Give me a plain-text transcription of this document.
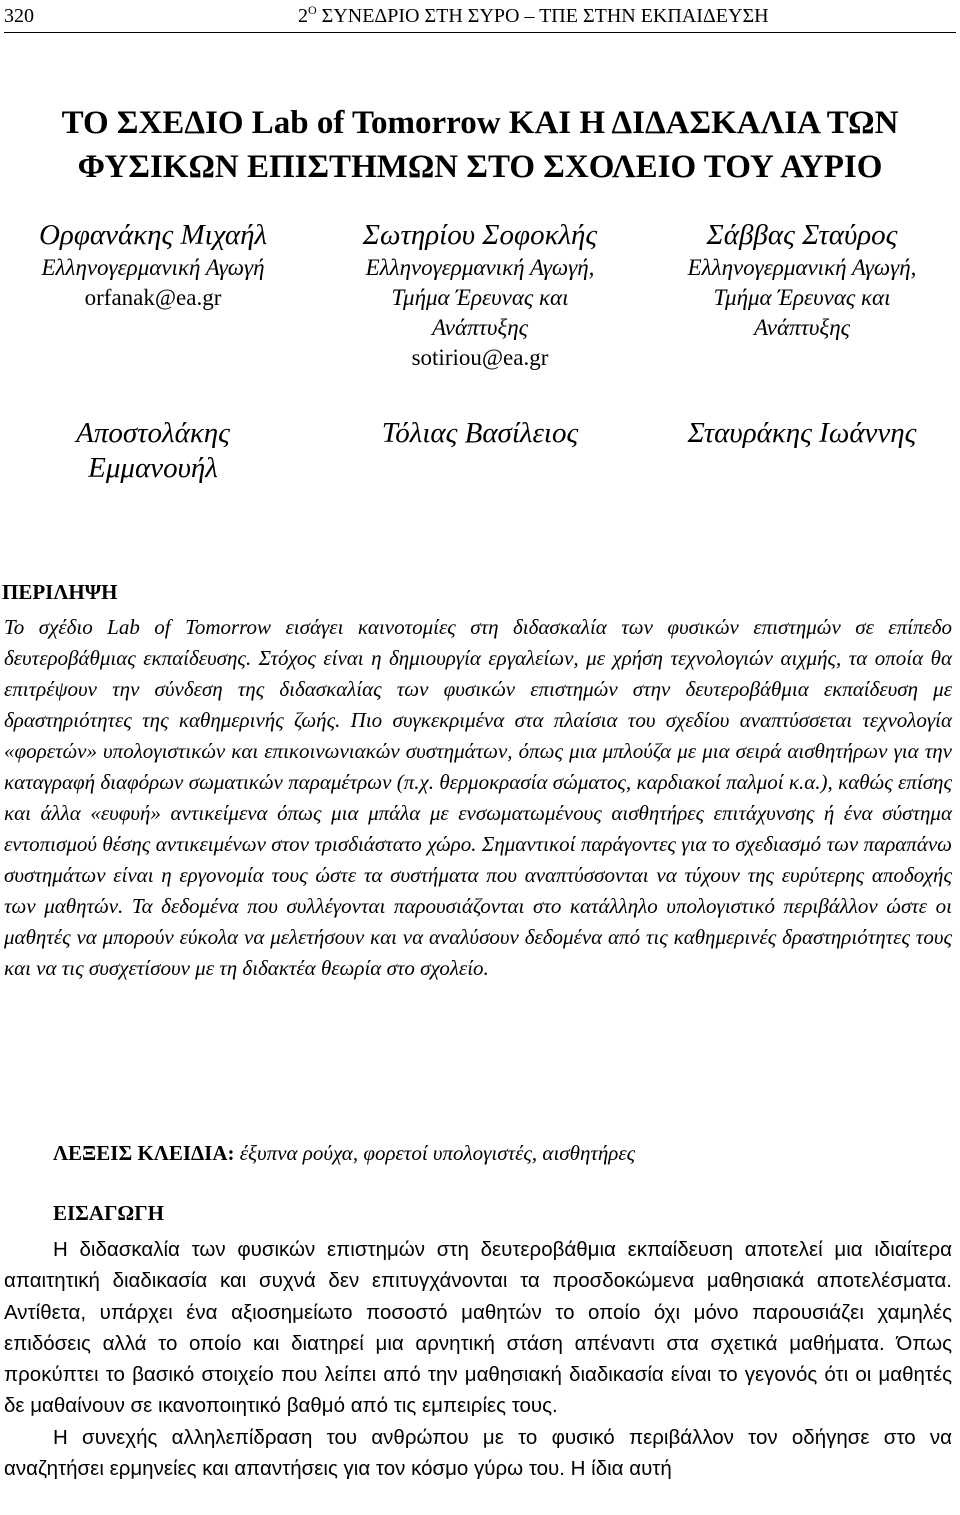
320	$2^O$ ΣΥΝΕΔΡΙΟ ΣΤΗ ΣΥΡΟ – ΤΠΕ ΣΤΗΝ ΕΚΠΑΙΔΕΥΣΗ
ΤΟ ΣΧΕΔΙΟ Lab of Tomorrow ΚΑΙ Η ΔΙΔΑΣΚΑΛΙΑ ΤΩΝ
ΦΥΣΙΚΩΝ ΕΠΙΣΤΗΜΩΝ ΣΤΟ ΣΧΟΛΕΙΟ ΤΟΥ ΑΥΡΙΟ
Ορφανάκης Μιχαήλ
Ελληνογερμανική Αγωγή
orfanak@ea.gr
Σωτηρίου Σοφοκλής
Ελληνογερμανική Αγωγή,
Τμήμα Έρευνας και
Ανάπτυξης
sotiriou@ea.gr
Σάββας Σταύρος
Ελληνογερμανική Αγωγή,
Τμήμα Έρευνας και
Ανάπτυξης
Αποστολάκης
Εμμανουήλ
Τόλιας Βασίλειος	Σταυράκης Ιωάννης
ΠΕΡΙΛΗΨΗ
Το σχέδιο Lab of Tomorrow εισάγει καινοτομίες στη διδασκαλία των φυσικών επιστημών σε επίπεδο δευτεροβάθμιας εκπαίδευσης. Στόχος είναι η δημιουργία εργαλείων, με χρήση τεχνολογιών αιχμής, τα οποία θα επιτρέψουν την σύνδεση της διδασκαλίας των φυσικών επιστημών στην δευτεροβάθμια εκπαίδευση με δραστηριότητες της καθημερινής ζωής. Πιο συγκεκριμένα στα πλαίσια του σχεδίου αναπτύσσεται τεχνολογία «φορετών» υπολογιστικών και επικοινωνιακών συστημάτων, όπως μια μπλούζα με μια σειρά αισθητήρων για την καταγραφή διαφόρων σωματικών παραμέτρων (π.χ. θερμοκρασία σώματος, καρδιακοί παλμοί κ.α.), καθώς επίσης και άλλα «ευφυή» αντικείμενα όπως μια μπάλα με ενσωματωμένους αισθητήρες επιτάχυνσης ή ένα σύστημα εντοπισμού θέσης αντικειμένων στον τρισδιάστατο χώρο. Σημαντικοί παράγοντες για το σχεδιασμό των παραπάνω συστημάτων είναι η εργονομία τους ώστε τα συστήματα που αναπτύσσονται να τύχουν της ευρύτερης αποδοχής των μαθητών. Τα δεδομένα που συλλέγονται παρουσιάζονται στο κατάλληλο υπολογιστικό περιβάλλον ώστε οι μαθητές να μπορούν εύκολα να μελετήσουν και να αναλύσουν δεδομένα από τις καθημερινές δραστηριότητες τους και να τις συσχετίσουν με τη διδακτέα θεωρία στο σχολείο.
ΛΕΞΕΙΣ ΚΛΕΙΔΙΑ: έξυπνα ρούχα, φορετοί υπολογιστές, αισθητήρες
ΕΙΣΑΓΩΓΗ

Η διδασκαλία των φυσικών επιστημών στη δευτεροβάθμια εκπαίδευση αποτελεί μια ιδιαίτερα απαιτητική διαδικασία και συχνά δεν επιτυγχάνονται τα προσδοκώμενα μαθησιακά αποτελέσματα. Αντίθετα, υπάρχει ένα αξιοσημείωτο ποσοστό μαθητών το οποίο όχι μόνο παρουσιάζει χαμηλές επιδόσεις αλλά το οποίο και διατηρεί μια αρνητική στάση απέναντι στα σχετικά μαθήματα. Όπως προκύπτει το βασικό στοιχείο που λείπει από την μαθησιακή διαδικασία είναι το γεγονός ότι οι μαθητές δε μαθαίνουν σε ικανοποιητικό βαθμό από τις εμπειρίες τους.

Η συνεχής αλληλεπίδραση του ανθρώπου με το φυσικό περιβάλλον τον οδήγησε στο να αναζητήσει ερμηνείες και απαντήσεις για τον κόσμο γύρω του. Η ίδια αυτή
